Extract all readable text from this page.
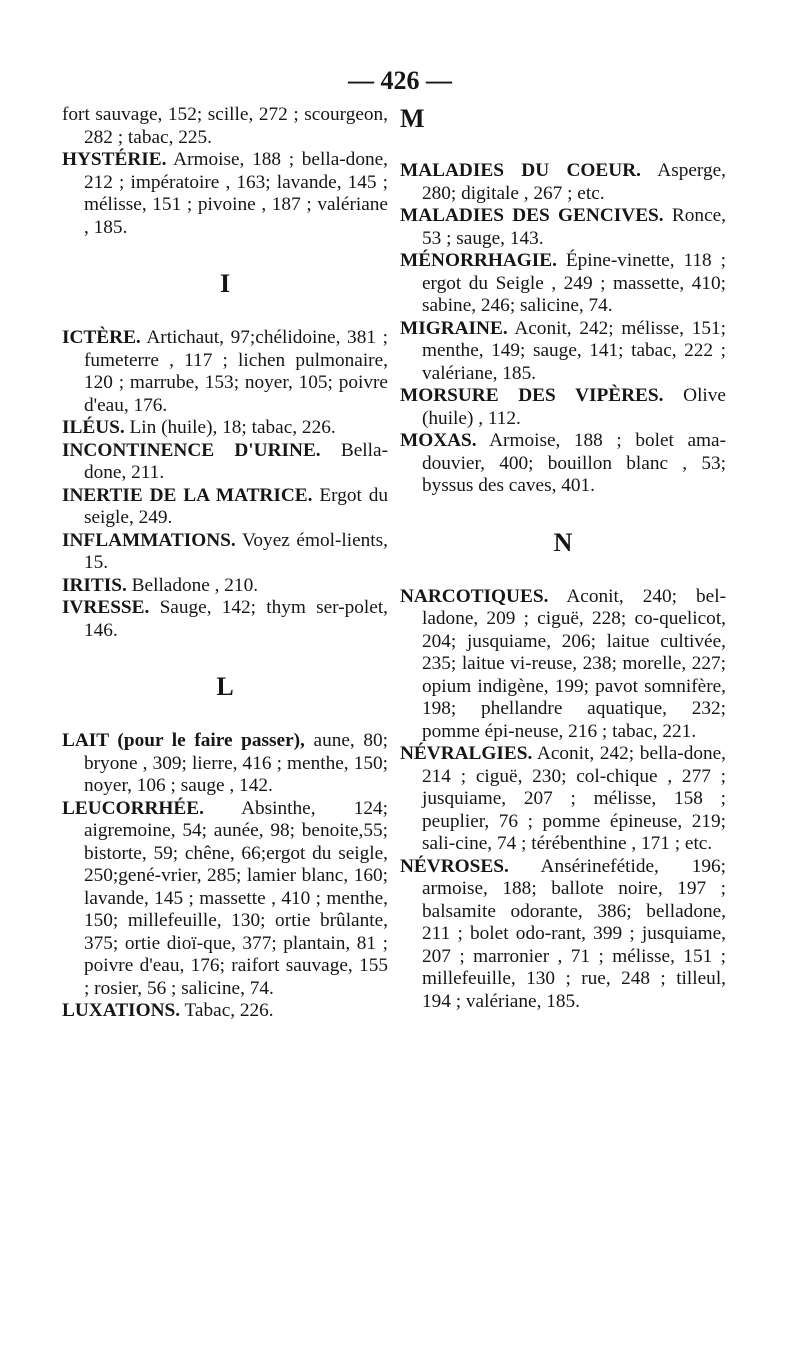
— 426 —

fort sauvage, 152; scille, 272 ; scourgeon, 282 ; tabac, 225.

HYSTÉRIE. Armoise, 188 ; bella-done, 212 ; impératoire , 163; lavande, 145 ; mélisse, 151 ; pivoine , 187 ; valériane , 185.

I

ICTÈRE. Artichaut, 97;chélidoine, 381 ; fumeterre , 117 ; lichen pulmonaire, 120 ; marrube, 153; noyer, 105; poivre d'eau, 176.

ILÉUS. Lin (huile), 18; tabac, 226.

INCONTINENCE D'URINE. Bella-done, 211.

INERTIE DE LA MATRICE. Ergot du seigle, 249.

INFLAMMATIONS. Voyez émol-lients, 15.

IRITIS. Belladone , 210.

IVRESSE. Sauge, 142; thym ser-polet, 146.

L

LAIT (pour le faire passer), aune, 80; bryone , 309; lierre, 416 ; menthe, 150; noyer, 106 ; sauge , 142.

LEUCORRHÉE. Absinthe, 124; aigremoine, 54; aunée, 98; benoite,55; bistorte, 59; chêne, 66;ergot du seigle, 250;gené-vrier, 285; lamier blanc, 160; lavande, 145 ; massette , 410 ; menthe, 150; millefeuille, 130; ortie brûlante, 375; ortie dioï-que, 377; plantain, 81 ; poivre d'eau, 176; raifort sauvage, 155 ; rosier, 56 ; salicine, 74.

LUXATIONS. Tabac, 226.

M

MALADIES DU COEUR. Asperge, 280; digitale , 267 ; etc.

MALADIES DES GENCIVES. Ronce, 53 ; sauge, 143.

MÉNORRHAGIE. Épine-vinette, 118 ; ergot du Seigle , 249 ; massette, 410; sabine, 246; salicine, 74.

MIGRAINE. Aconit, 242; mélisse, 151; menthe, 149; sauge, 141; tabac, 222 ; valériane, 185.

MORSURE DES VIPÈRES. Olive (huile) , 112.

MOXAS. Armoise, 188 ; bolet ama-douvier, 400; bouillon blanc , 53; byssus des caves, 401.

N

NARCOTIQUES. Aconit, 240; bel-ladone, 209 ; ciguë, 228; co-quelicot, 204; jusquiame, 206; laitue cultivée, 235; laitue vi-reuse, 238; morelle, 227; opium indigène, 199; pavot somnifère, 198; phellandre aquatique, 232; pomme épi-neuse, 216 ; tabac, 221.

NÉVRALGIES. Aconit, 242; bella-done, 214 ; ciguë, 230; col-chique , 277 ; jusquiame, 207 ; mélisse, 158 ; peuplier, 76 ; pomme épineuse, 219; sali-cine, 74 ; térébenthine , 171 ; etc.

NÉVROSES. Ansérinefétide, 196; armoise, 188; ballote noire, 197 ; balsamite odorante, 386; belladone, 211 ; bolet odo-rant, 399 ; jusquiame, 207 ; marronier , 71 ; mélisse, 151 ; millefeuille, 130 ; rue, 248 ; tilleul, 194 ; valériane, 185.
